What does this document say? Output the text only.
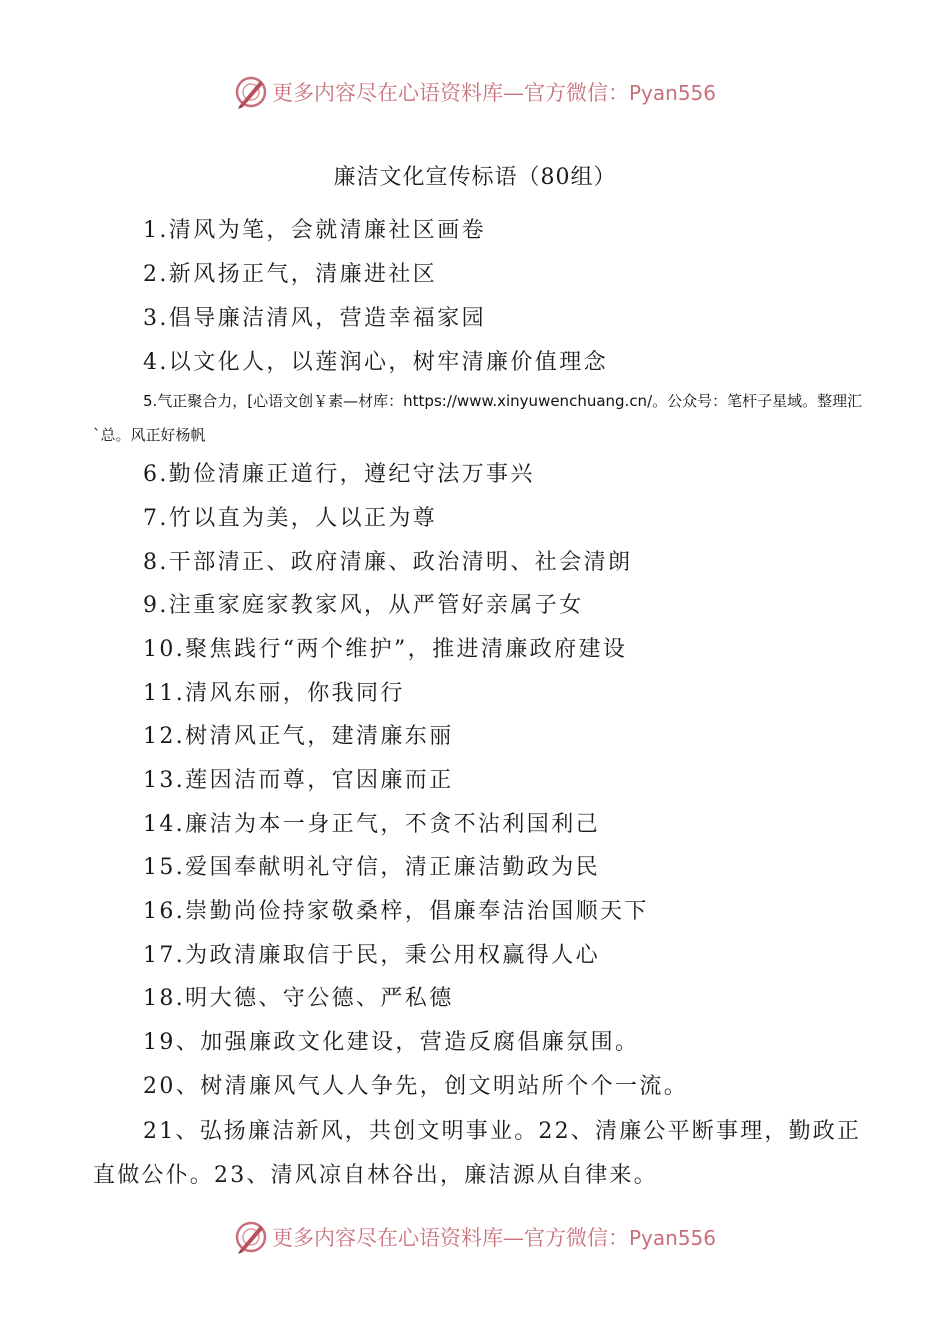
更多内容尽在心语资料库—官方微信：Pyan556
廉洁文化宣传标语（80组）
1.清风为笔，会就清廉社区画卷
2.新风扬正气，清廉进社区
3.倡导廉洁清风，营造幸福家园
4.以文化人，以莲润心，树牢清廉价值理念
5.气正聚合力，[心语文创￥素—材库：https://www.xinyuwenchuang.cn/。公众号：笔杆子星域。整理汇`总。风正好杨帆
6.勤俭清廉正道行，遵纪守法万事兴
7.竹以直为美，人以正为尊
8.干部清正、政府清廉、政治清明、社会清朗
9.注重家庭家教家风，从严管好亲属子女
10.聚焦践行“两个维护”，推进清廉政府建设
11.清风东丽，你我同行
12.树清风正气，建清廉东丽
13.莲因洁而尊，官因廉而正
14.廉洁为本一身正气，不贪不沾利国利己
15.爱国奉献明礼守信，清正廉洁勤政为民
16.崇勤尚俭持家敬桑梓，倡廉奉洁治国顺天下
17.为政清廉取信于民，秉公用权赢得人心
18.明大德、守公德、严私德
19、加强廉政文化建设，营造反腐倡廉氛围。
20、树清廉风气人人争先，创文明站所个个一流。
21、弘扬廉洁新风，共创文明事业。22、清廉公平断事理，勤政正直做公仆。23、清风凉自林谷出，廉洁源从自律来。
更多内容尽在心语资料库—官方微信：Pyan556
